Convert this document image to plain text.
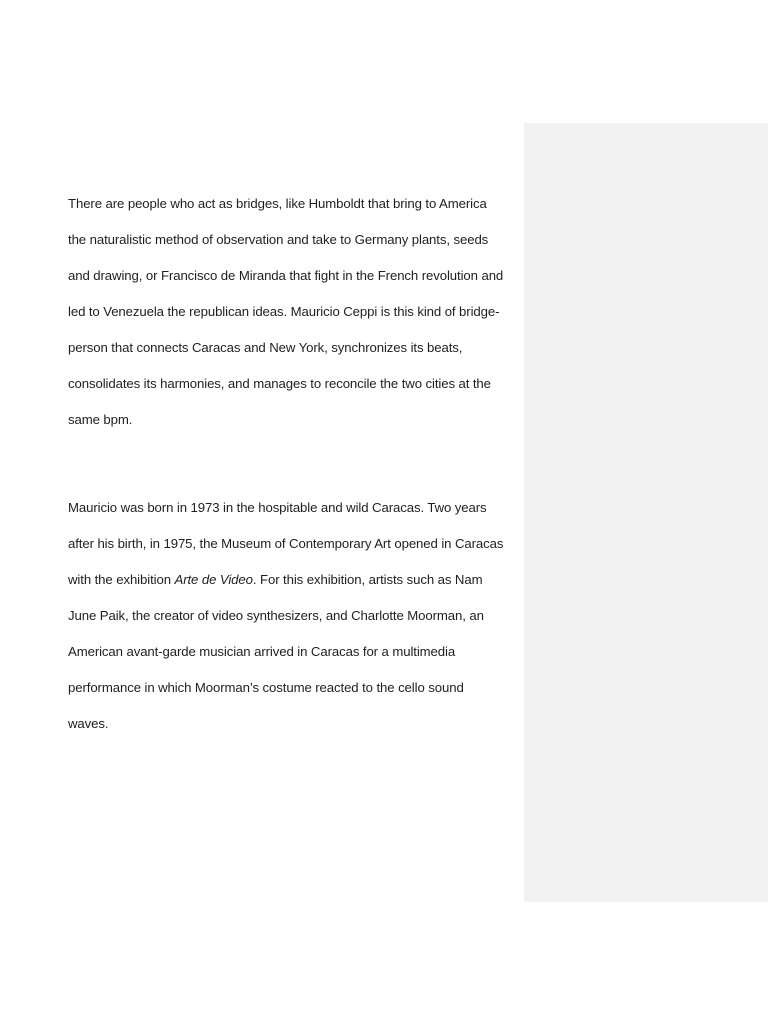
There are people who act as bridges, like Humboldt that bring to America
the naturalistic method of observation and take to Germany plants, seeds
and drawing, or Francisco de Miranda that fight in the French revolution and
led to Venezuela the republican ideas. Mauricio Ceppi is this kind of bridge-
person that connects Caracas and New York, synchronizes its beats,
consolidates its harmonies, and manages to reconcile the two cities at the
same bpm.
Mauricio was born in 1973 in the hospitable and wild Caracas. Two years
after his birth, in 1975, the Museum of Contemporary Art opened in Caracas
with the exhibition Arte de Video. For this exhibition, artists such as Nam
June Paik, the creator of video synthesizers, and Charlotte Moorman, an
American avant-garde musician arrived in Caracas for a multimedia
performance in which Moorman’s costume reacted to the cello sound
waves.
